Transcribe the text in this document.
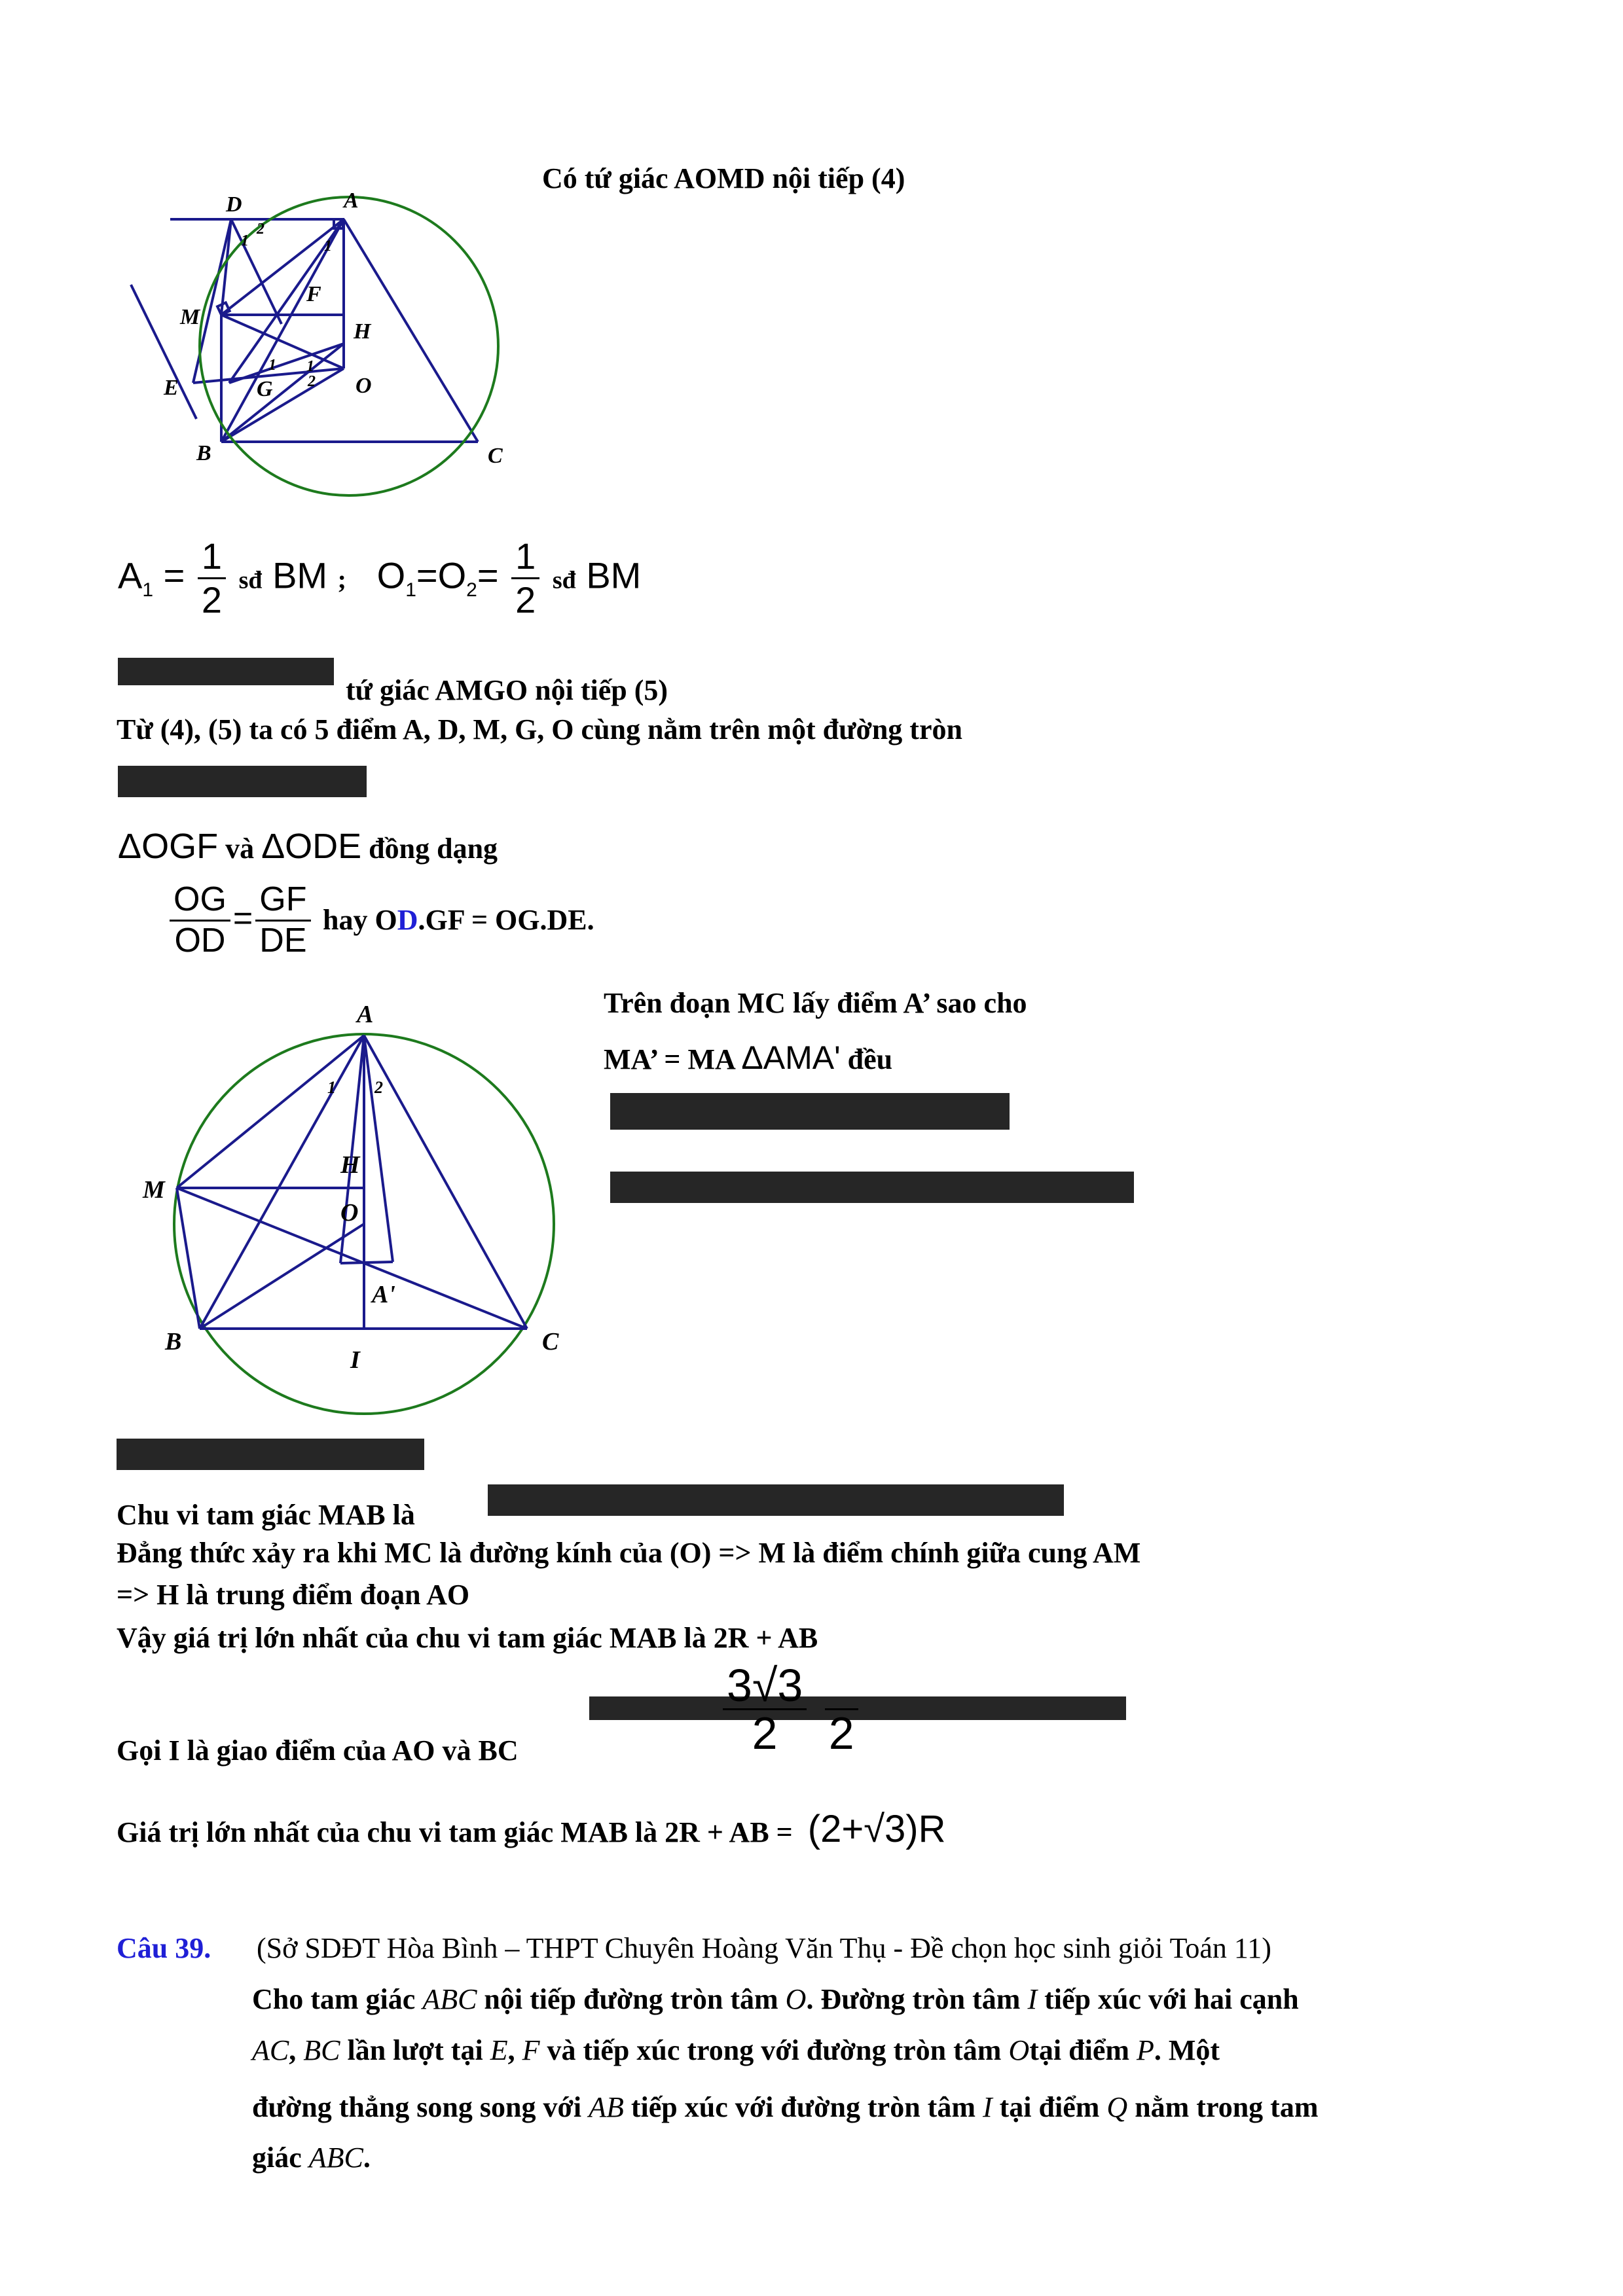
Có tứ giác AOMD nội tiếp (4)
D	A
2
1	1
F
M
H
E	G
1 1
2 O
B	C
$A_1 = \frac{1}{2}$ sđ BM ; $O_1=O_2= \frac{1}{2}$ sđ BM
tứ giác AMGO nội tiếp (5)
Từ (4), (5) ta có 5 điểm A, D, M, G, O cùng nằm trên một đường tròn
ΔOGF và ΔODE đồng dạng
$\frac{OG}{OD} = \frac{GF}{DE}$ hay OD.GF = OG.DE.
A
1 2
M
H
O
A'
B
I
C
Trên đoạn MC lấy điểm A’ sao cho
MA’ = MA ΔAMA' đều
Chu vi tam giác MAB là
Đẳng thức xảy ra khi MC là đường kính của (O) => M là điểm chính giữa cung AM
=> H là trung điểm đoạn AO
Vậy giá trị lớn nhất của chu vi tam giác MAB là 2R + AB
$\frac{3√3}{2}$

2
Gọi I là giao điểm của AO và BC
Giá trị lớn nhất của chu vi tam giác MAB là 2R + AB = (2+√3)R
Câu 39. (Sở SDĐT Hòa Bình – THPT Chuyên Hoàng Văn Thụ - Đề chọn học sinh giỏi Toán 11)
Cho tam giác ABC nội tiếp đường tròn tâm O. Đường tròn tâm I tiếp xúc với hai cạnh
AC, BC lần lượt tại E, F và tiếp xúc trong với đường tròn tâm Otại điểm P. Một
đường thẳng song song với AB tiếp xúc với đường tròn tâm I tại điểm Q nằm trong tam
giác ABC.
